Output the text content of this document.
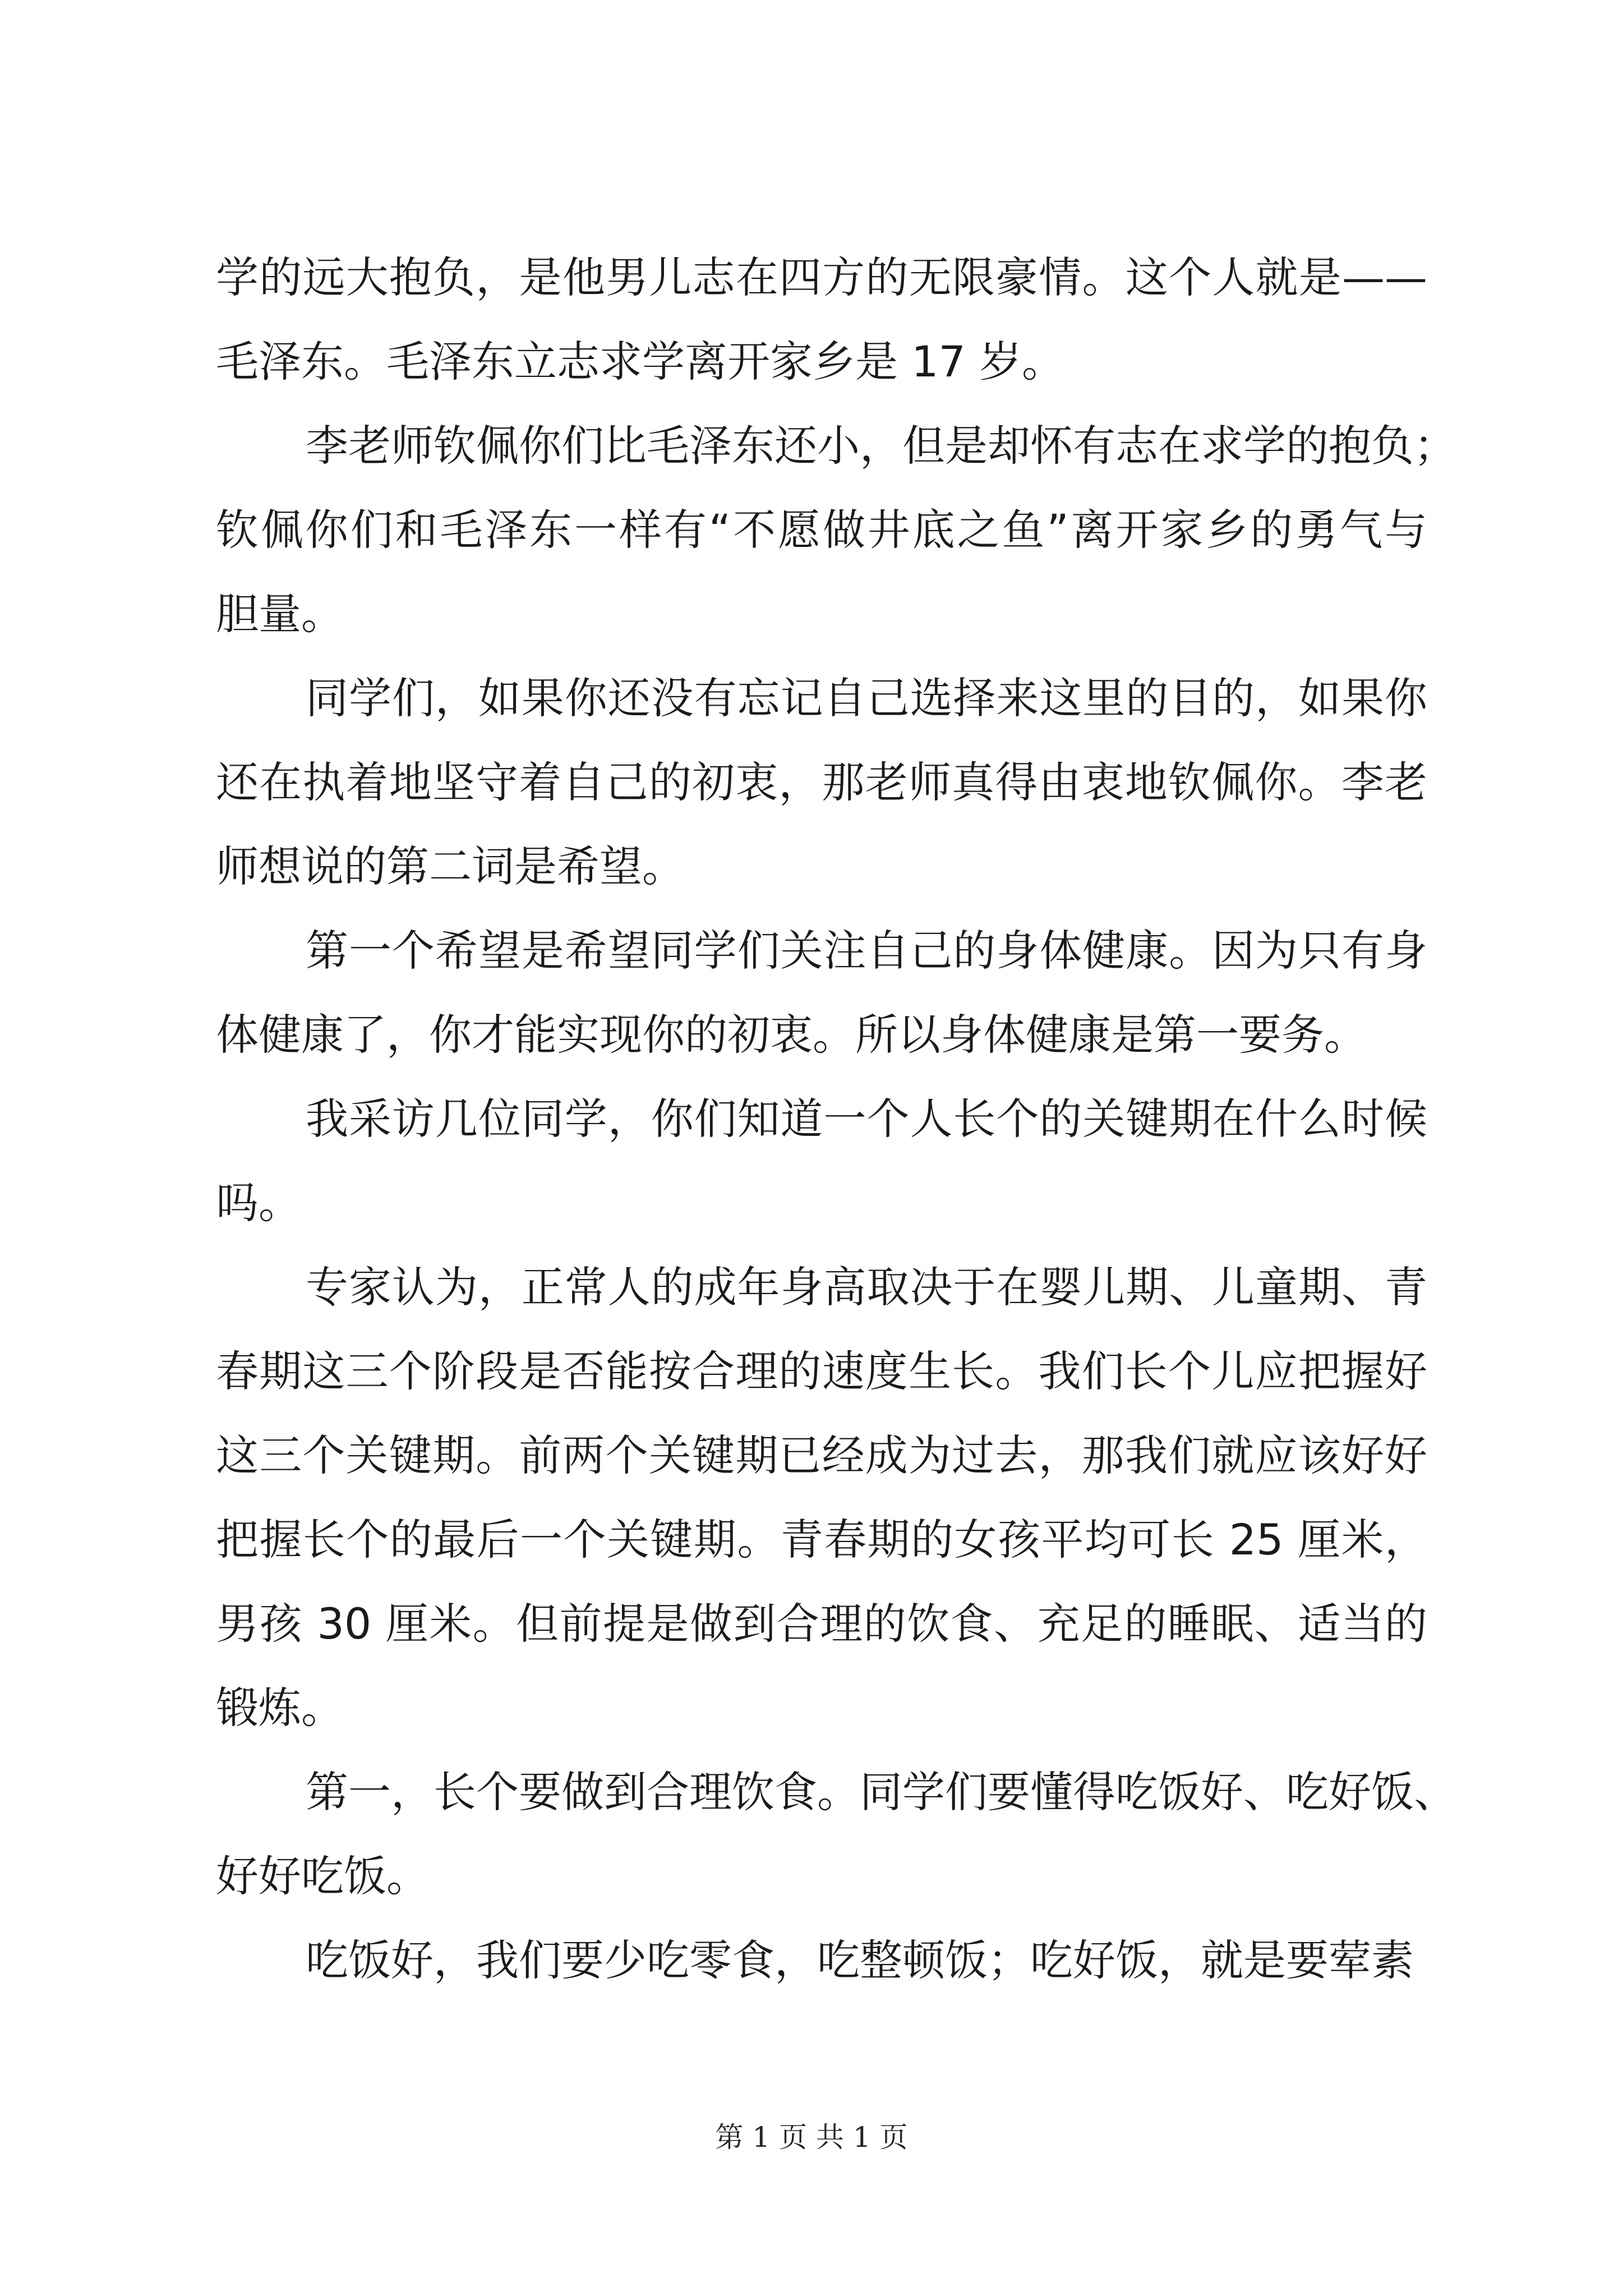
学的远大抱负，是他男儿志在四方的无限豪情。这个人就是——
毛泽东。毛泽东立志求学离开家乡是 17 岁。
李老师钦佩你们比毛泽东还小，但是却怀有志在求学的抱负；
钦佩你们和毛泽东一样有“不愿做井底之鱼”离开家乡的勇气与
胆量。
同学们，如果你还没有忘记自己选择来这里的目的，如果你
还在执着地坚守着自己的初衷，那老师真得由衷地钦佩你。李老
师想说的第二词是希望。
第一个希望是希望同学们关注自己的身体健康。因为只有身
体健康了，你才能实现你的初衷。所以身体健康是第一要务。
我采访几位同学，你们知道一个人长个的关键期在什么时候
吗。
专家认为，正常人的成年身高取决于在婴儿期、儿童期、青
春期这三个阶段是否能按合理的速度生长。我们长个儿应把握好
这三个关键期。前两个关键期已经成为过去，那我们就应该好好
把握长个的最后一个关键期。青春期的女孩平均可长 25 厘米，
男孩 30 厘米。但前提是做到合理的饮食、充足的睡眠、适当的
锻炼。
第一，长个要做到合理饮食。同学们要懂得吃饭好、吃好饭、
好好吃饭。
吃饭好，我们要少吃零食，吃整顿饭；吃好饭，就是要荤素
第 1 页 共 1 页
